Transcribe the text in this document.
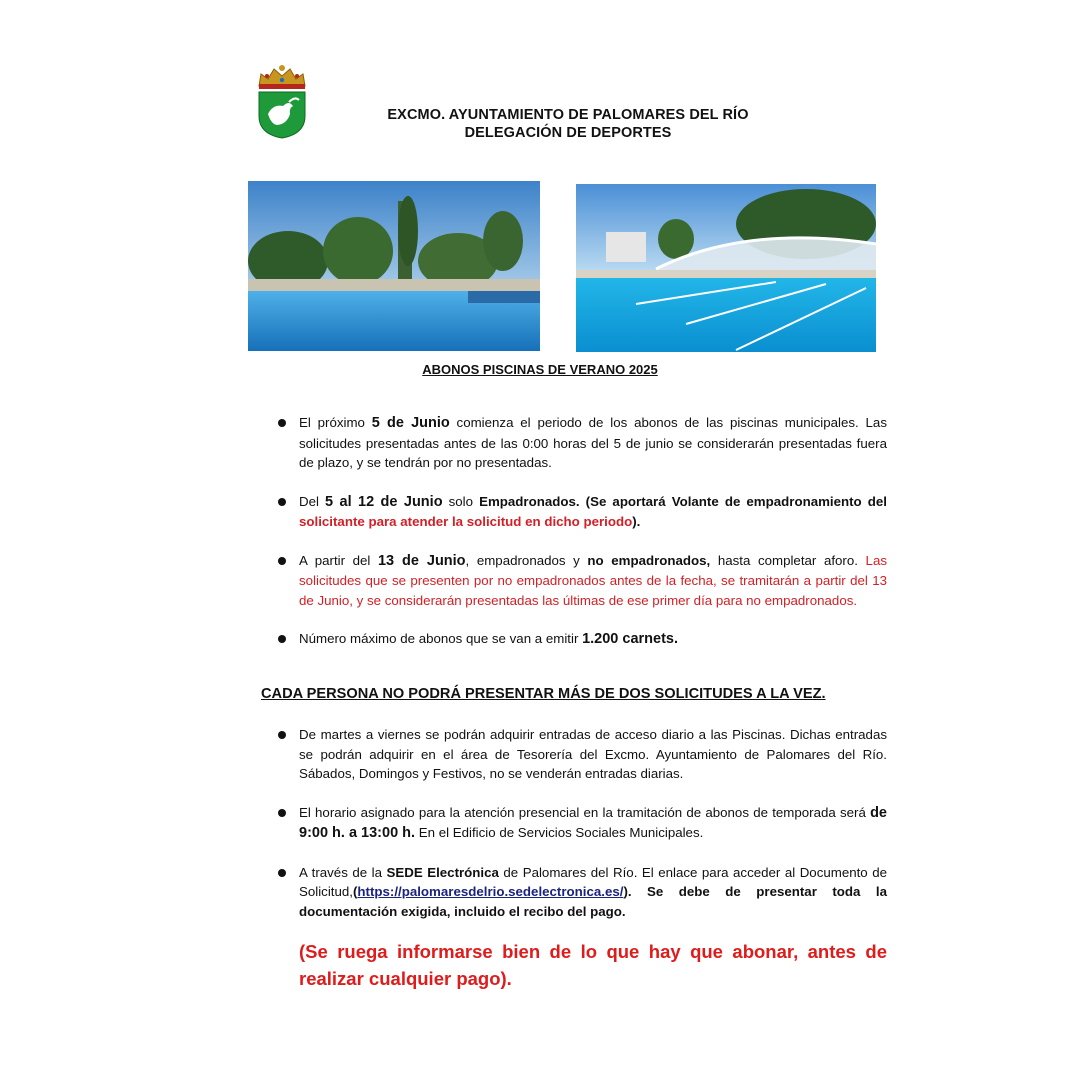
EXCMO. AYUNTAMIENTO DE PALOMARES DEL RÍO
DELEGACIÓN DE DEPORTES
ABONOS PISCINAS DE VERANO 2025
El próximo 5 de Junio comienza el periodo de los abonos de las piscinas municipales. Las solicitudes presentadas antes de las 0:00 horas del 5 de junio se considerarán presentadas fuera de plazo, y se tendrán por no presentadas.
Del 5 al 12 de Junio solo Empadronados. (Se aportará Volante de empadronamiento del solicitante para atender la solicitud en dicho periodo).
A partir del 13 de Junio, empadronados y no empadronados, hasta completar aforo. Las solicitudes que se presenten por no empadronados antes de la fecha, se tramitarán a partir del 13 de Junio, y se considerarán presentadas las últimas de ese primer día para no empadronados.
Número máximo de abonos que se van a emitir 1.200 carnets.
CADA PERSONA NO PODRÁ PRESENTAR MÁS DE DOS SOLICITUDES A LA VEZ.
De martes a viernes se podrán adquirir entradas de acceso diario a las Piscinas. Dichas entradas se podrán adquirir en el área de Tesorería del Excmo. Ayuntamiento de Palomares del Río. Sábados, Domingos y Festivos, no se venderán entradas diarias.
El horario asignado para la atención presencial en la tramitación de abonos de temporada será de 9:00 h. a 13:00 h. En el Edificio de Servicios Sociales Municipales.
A través de la SEDE Electrónica de Palomares del Río. El enlace para acceder al Documento de Solicitud,(https://palomaresdelrio.sedelectronica.es/). Se debe de presentar toda la documentación exigida, incluido el recibo del pago.
(Se ruega informarse bien de lo que hay que abonar, antes de realizar cualquier pago).
